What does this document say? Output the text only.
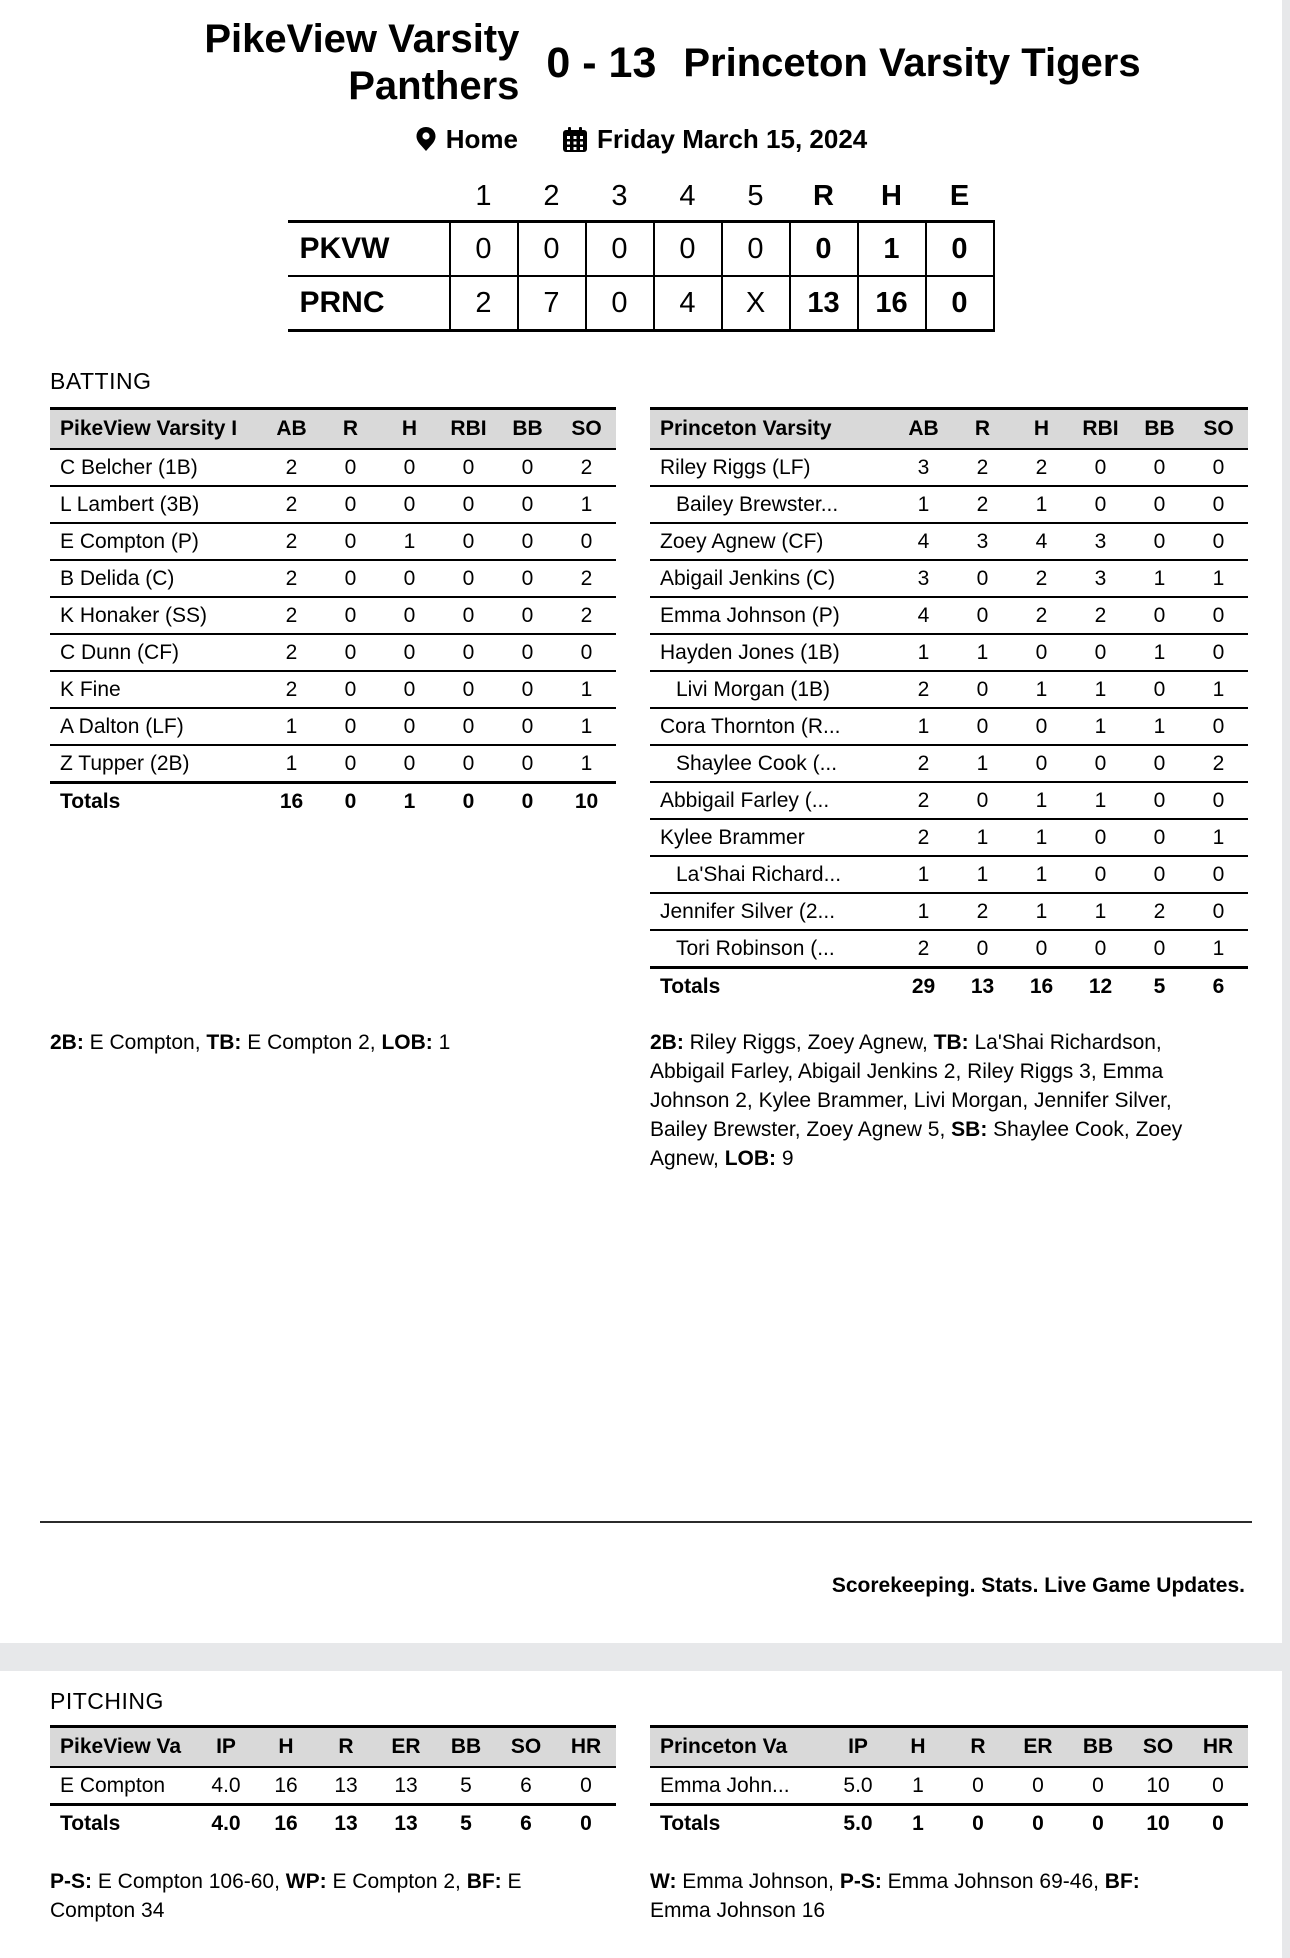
PikeView Varsity Panthers 0 - 13 Princeton Varsity Tigers
Home	Friday March 15, 2024
	1	2	3	4	5	R	H	E
PKVW	0	0	0	0	0	0	1	0
PRNC	2	7	0	4	X	13	16	0
BATTING
PikeView Varsity I	AB	R	H	RBI	BB	SO
C Belcher (1B)	2	0	0	0	0	2
L Lambert (3B)	2	0	0	0	0	1
E Compton (P)	2	0	1	0	0	0
B Delida (C)	2	0	0	0	0	2
K Honaker (SS)	2	0	0	0	0	2
C Dunn (CF)	2	0	0	0	0	0
K Fine	2	0	0	0	0	1
A Dalton (LF)	1	0	0	0	0	1
Z Tupper (2B)	1	0	0	0	0	1
Totals	16	0	1	0	0	10
Princeton Varsity	AB	R	H	RBI	BB	SO
Riley Riggs (LF)	3	2	2	0	0	0
Bailey Brewster...	1	2	1	0	0	0
Zoey Agnew (CF)	4	3	4	3	0	0
Abigail Jenkins (C)	3	0	2	3	1	1
Emma Johnson (P)	4	0	2	2	0	0
Hayden Jones (1B)	1	1	0	0	1	0
Livi Morgan (1B)	2	0	1	1	0	1
Cora Thornton (R...	1	0	0	1	1	0
Shaylee Cook (...	2	1	0	0	0	2
Abbigail Farley (...	2	0	1	1	0	0
Kylee Brammer	2	1	1	0	0	1
La'Shai Richard...	1	1	1	0	0	0
Jennifer Silver (2...	1	2	1	1	2	0
Tori Robinson (...	2	0	0	0	0	1
Totals	29	13	16	12	5	6

2B: E Compton, TB: E Compton 2, LOB: 1	2B: Riley Riggs, Zoey Agnew, TB: La'Shai Richardson, Abbigail Farley, Abigail Jenkins 2, Riley Riggs 3, Emma Johnson 2, Kylee Brammer, Livi Morgan, Jennifer Silver, Bailey Brewster, Zoey Agnew 5, SB: Shaylee Cook, Zoey Agnew, LOB: 9

Scorekeeping. Stats. Live Game Updates.
PITCHING
PikeView Va	IP	H	R	ER	BB	SO	HR
E Compton	4.0	16	13	13	5	6	0
Totals	4.0	16	13	13	5	6	0
Princeton Va	IP	H	R	ER	BB	SO	HR
Emma John...	5.0	1	0	0	0	10	0
Totals	5.0	1	0	0	0	10	0

P-S: E Compton 106-60, WP: E Compton 2, BF: E Compton 34

W: Emma Johnson, P-S: Emma Johnson 69-46, BF: Emma Johnson 16
